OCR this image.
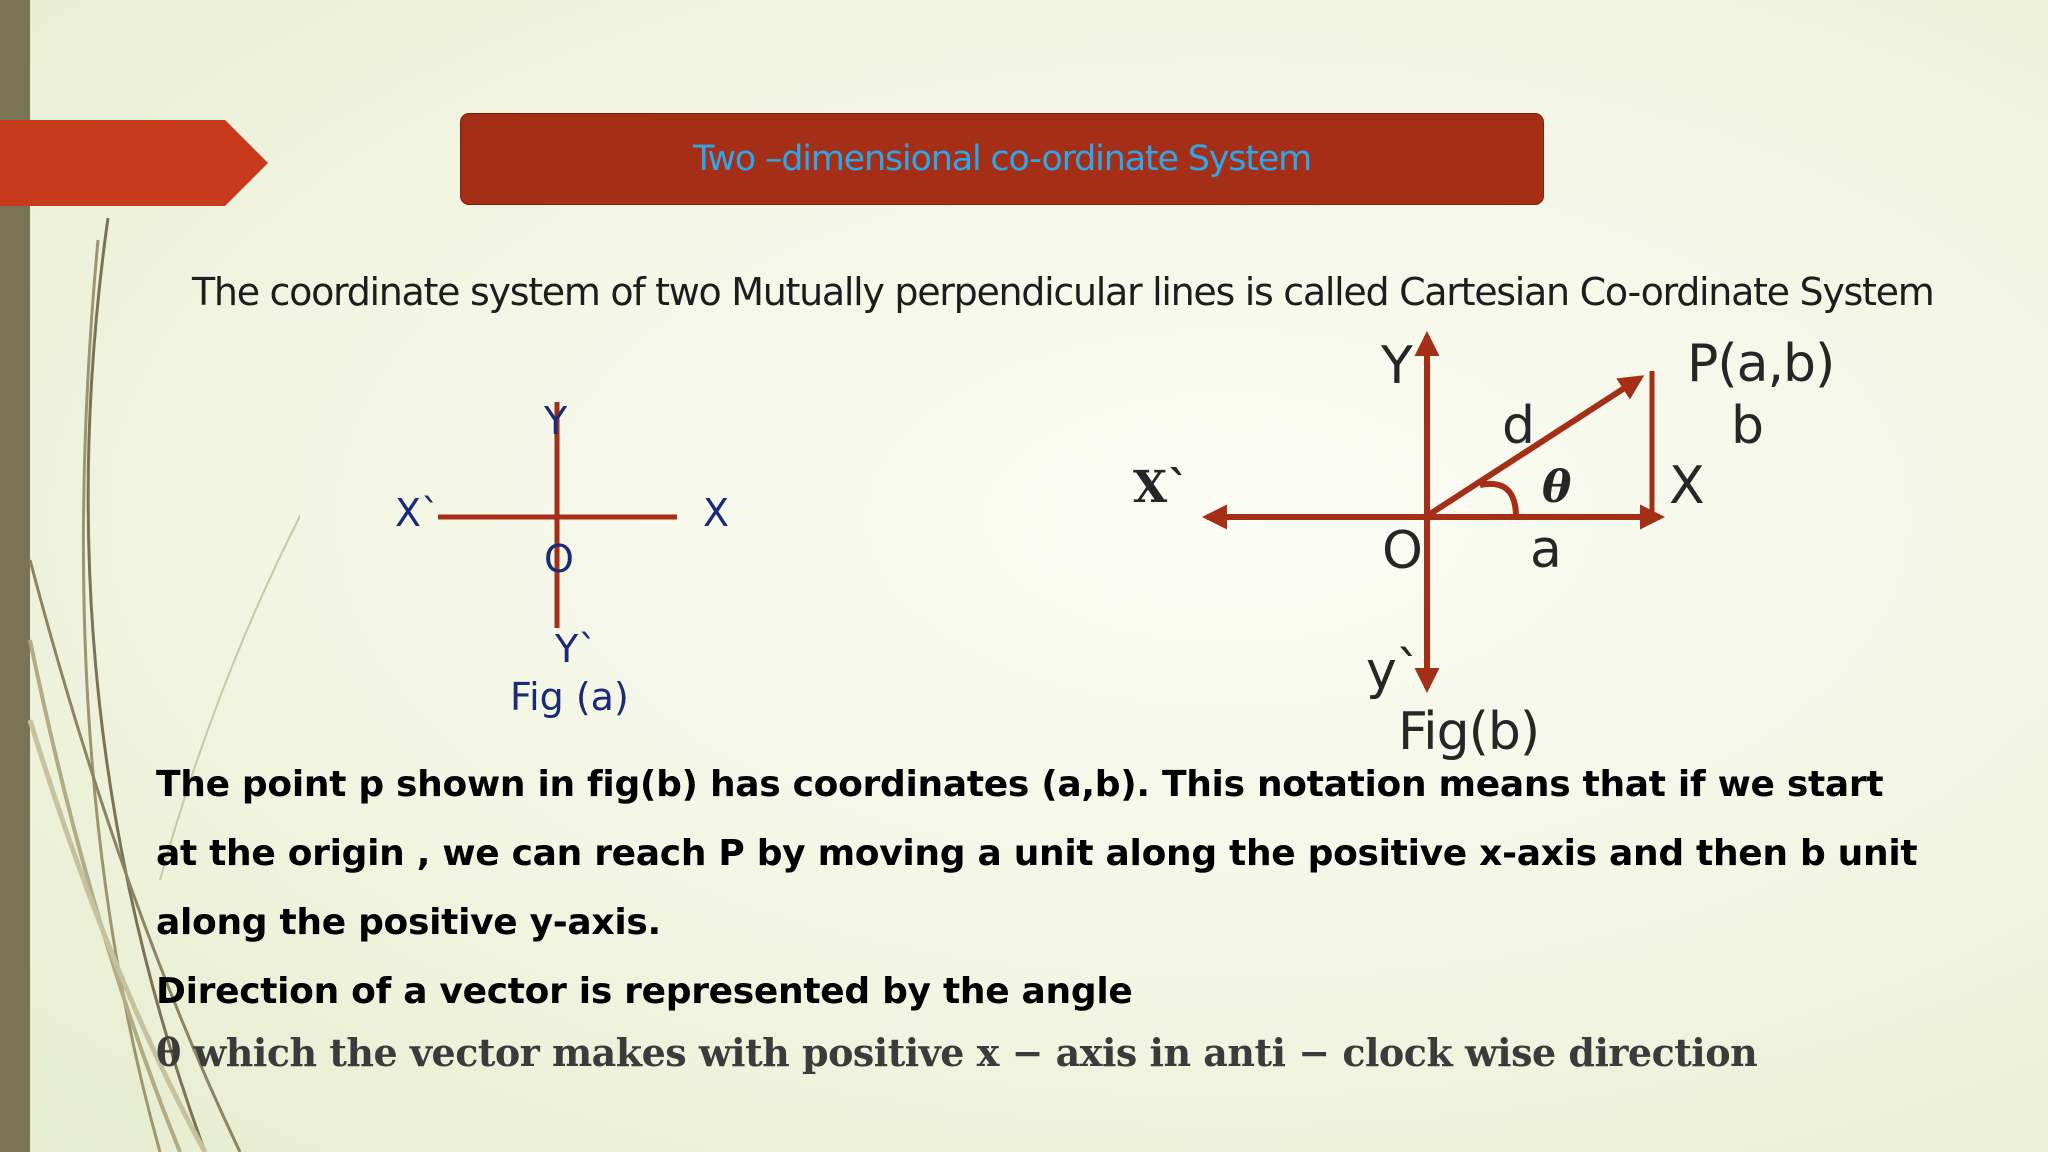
Two –dimensional co-ordinate System
The coordinate system of two Mutually perpendicular lines is called Cartesian Co-ordinate System
Y
X`	X
O
Y`
Fig (a)
Y
X`	X
O
y`
P(a,b)
b
d
θ
a
Fig(b)
The point p shown in fig(b) has coordinates (a,b). This notation means that if we start
at the origin , we can reach P by moving a unit along the positive x-axis and then b unit
along the positive y-axis.
Direction of a vector is represented by the angle
θ which the vector makes with positive x − axis in anti − clock wise direction
